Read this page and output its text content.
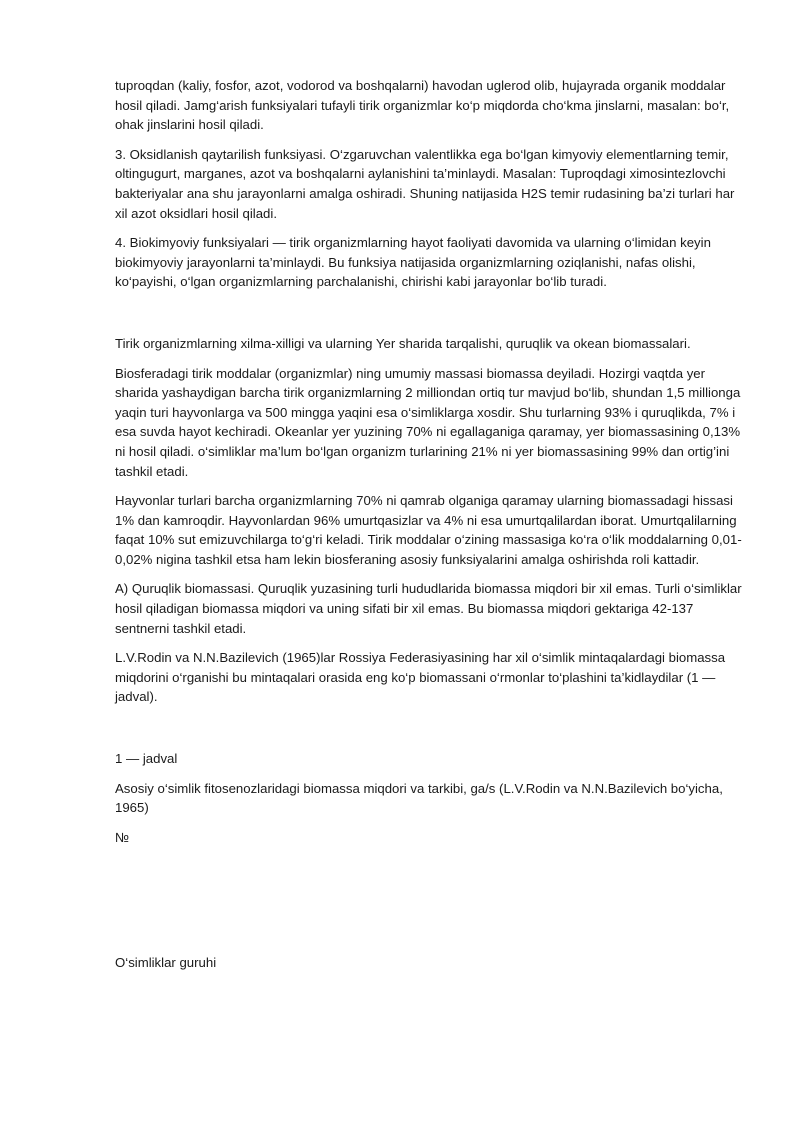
tuproqdan (kaliy, fosfor, azot, vodorod va boshqalarni) havodan uglerod olib, hujayrada organik moddalar hosil qiladi. Jamg‘arish funksiyalari tufayli tirik organizmlar ko‘p miqdorda cho‘kma jinslarni, masalan: bo‘r, ohak jinslarini hosil qiladi.

3. Oksidlanish qaytarilish funksiyasi. O‘zgaruvchan valentlikka ega bo‘lgan kimyoviy elementlarning temir, oltingugurt, marganes, azot va boshqalarni aylanishini ta’minlaydi. Masalan: Tuproqdagi ximosintezlovchi bakteriyalar ana shu jarayonlarni amalga oshiradi. Shuning natijasida H2S temir rudasining ba’zi turlari har xil azot oksidlari hosil qiladi.

4. Biokimyoviy funksiyalari — tirik organizmlarning hayot faoliyati davomida va ularning o‘limidan keyin biokimyoviy jarayonlarni ta’minlaydi. Bu funksiya natijasida organizmlarning oziqlanishi, nafas olishi, ko‘payishi, o‘lgan organizmlarning parchalanishi, chirishi kabi jarayonlar bo‘lib turadi.

Tirik organizmlarning xilma-xilligi va ularning Yer sharida tarqalishi, quruqlik va okean biomassalari.

Biosferadagi tirik moddalar (organizmlar) ning umumiy massasi biomassa deyiladi. Hozirgi vaqtda yer sharida yashaydigan barcha tirik organizmlarning 2 milliondan ortiq tur mavjud bo‘lib, shundan 1,5 millionga yaqin turi hayvonlarga va 500 mingga yaqini esa o‘simliklarga xosdir. Shu turlarning 93% i quruqlikda, 7% i esa suvda hayot kechiradi. Okeanlar yer yuzining 70% ni egallaganiga qaramay, yer biomassasining 0,13% ni hosil qiladi. o‘simliklar ma’lum bo‘lgan organizm turlarining 21% ni yer biomassasining 99% dan ortig’ini tashkil etadi.

Hayvonlar turlari barcha organizmlarning 70% ni qamrab olganiga qaramay ularning biomassadagi hissasi 1% dan kamroqdir. Hayvonlardan 96% umurtqasizlar va 4% ni esa umurtqalilardan iborat. Umurtqalilarning faqat 10% sut emizuvchilarga to‘g‘ri keladi. Tirik moddalar o‘zining massasiga ko‘ra o‘lik moddalarning 0,01-0,02% nigina tashkil etsa ham lekin biosferaning asosiy funksiyalarini amalga oshirishda roli kattadir.

A) Quruqlik biomassasi. Quruqlik yuzasining turli hududlarida biomassa miqdori bir xil emas. Turli o‘simliklar hosil qiladigan biomassa miqdori va uning sifati bir xil emas. Bu biomassa miqdori gektariga 42-137 sentnerni tashkil etadi.

L.V.Rodin va N.N.Bazilevich (1965)lar Rossiya Federasiyasining har xil o‘simlik mintaqalardagi biomassa miqdorini o‘rganishi bu mintaqalari orasida eng ko‘p biomassani o‘rmonlar to‘plashini ta’kidlaydilar (1 — jadval).

1 — jadval

Asosiy o‘simlik fitosenozlaridagi biomassa miqdori va tarkibi, ga/s (L.V.Rodin va N.N.Bazilevich bo‘yicha, 1965)

№

O‘simliklar guruhi
